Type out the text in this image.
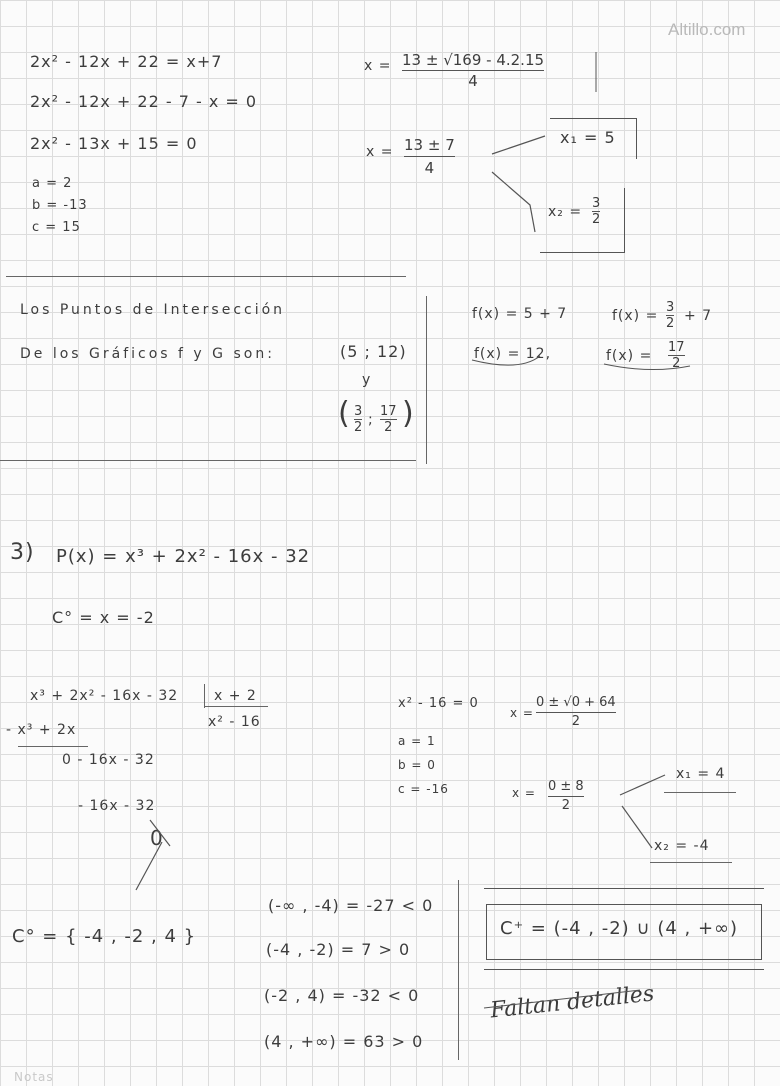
Altillo.com
2x² - 12x + 22 = x+7
2x² - 12x + 22 - 7 - x = 0
2x² - 13x + 15 = 0
a = 2
b = -13
c = 15
x = 13 ± √169 - 4.2.15
4
x = 13 ± 7
4
x₁ = 5
x₂ =
3
2
Los Puntos de Intersección
De los Gráficos f y G son:	(5 ; 12)
y
( 3
2 ;
17
2 )
f(x) = 5 + 7
f(x) = 12,
f(x) =
3
2 + 7
f(x) =
17
2
3) P(x) = x³ + 2x² - 16x - 32
C° = x = -2
x³ + 2x² - 16x - 32	x + 2
x² - 16
- x³ + 2x
0 - 16x - 32
- 16x - 32
0
x² - 16 = 0
a = 1
b = 0
c = -16
x =
0 ± √0 + 64
2
x = 0 ± 8
2
x₁ = 4
x₂ = -4
C° = { -4 , -2 , 4 }
(-∞ , -4) = -27 < 0
(-4 , -2) = 7 > 0
(-2 , 4) = -32 < 0
(4 , +∞) = 63 > 0
C⁺ = (-4 , -2) ∪ (4 , +∞)
Faltan detalles
Notas
